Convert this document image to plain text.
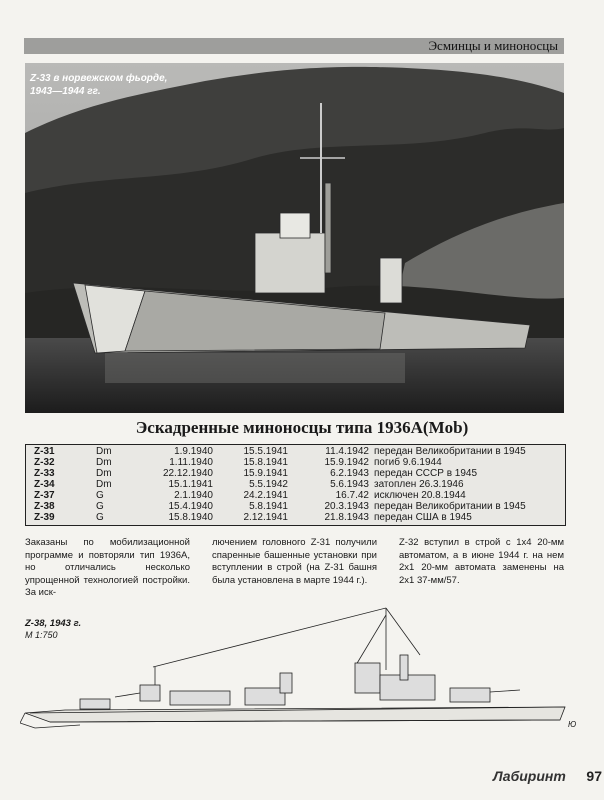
Эсминцы и миноносцы
Z-33 в норвежском фьорде,
1943—1944 гг.
Эскадренные миноносцы типа 1936А(Mob)
Z-31	Dm	1.9.1940	15.5.1941	11.4.1942 передан Великобритании в 1945
Z-32	Dm	1.11.1940	15.8.1941	15.9.1942 погиб 9.6.1944
Z-33	Dm	22.12.1940	15.9.1941	6.2.1943 передан СССР в 1945
Z-34	Dm	15.1.1941	5.5.1942	5.6.1943 затоплен 26.3.1946
Z-37	G	2.1.1940	24.2.1941	16.7.42 исключен 20.8.1944
Z-38	G	15.4.1940	5.8.1941	20.3.1943 передан Великобритании в 1945
Z-39	G	15.8.1940	2.12.1941	21.8.1943 передан США в 1945
Заказаны по мобилизационной программе и повторяли тип 1936А, но отличались несколько упрощенной технологией постройки. За иск-
лючением головного Z-31 получили спаренные башенные установки при вступлении в строй (на Z-31 башня была установлена в марте 1944 г.).
Z-32 вступил в строй с 1х4 20-мм автоматом, а в июне 1944 г. на нем 2х1 20-мм автомата заменены на 2х1 37-мм/57.
Z-38, 1943 г.
М 1:750
Ю
Лабиринт 97
